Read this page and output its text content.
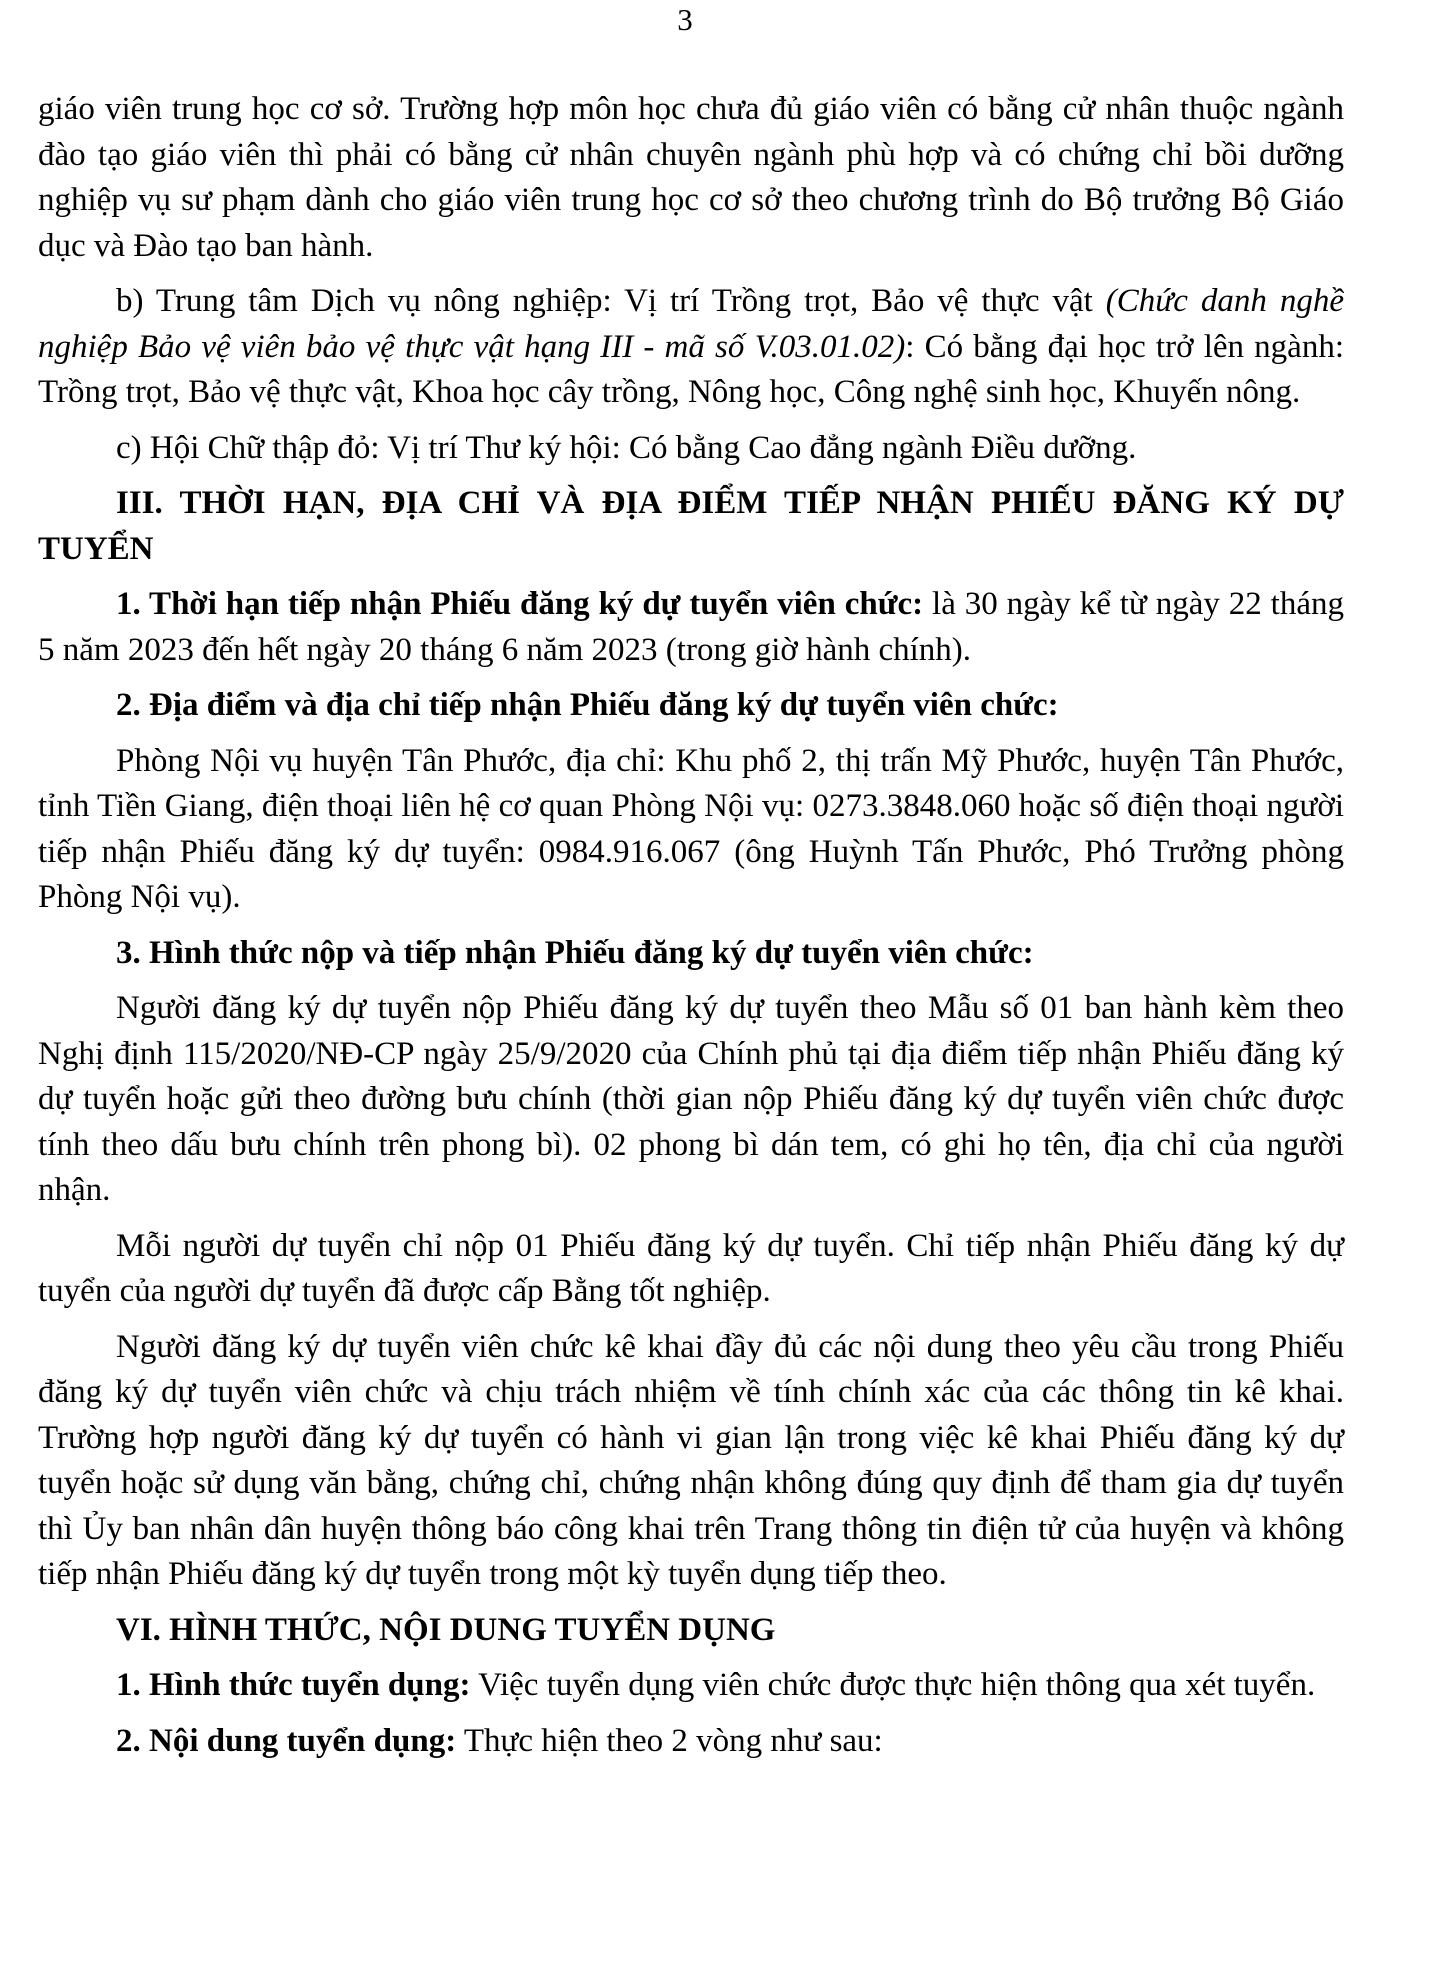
3

giáo viên trung học cơ sở. Trường hợp môn học chưa đủ giáo viên có bằng cử nhân thuộc ngành đào tạo giáo viên thì phải có bằng cử nhân chuyên ngành phù hợp và có chứng chỉ bồi dưỡng nghiệp vụ sư phạm dành cho giáo viên trung học cơ sở theo chương trình do Bộ trưởng Bộ Giáo dục và Đào tạo ban hành.

b) Trung tâm Dịch vụ nông nghiệp: Vị trí Trồng trọt, Bảo vệ thực vật (Chức danh nghề nghiệp Bảo vệ viên bảo vệ thực vật hạng III - mã số V.03.01.02): Có bằng đại học trở lên ngành: Trồng trọt, Bảo vệ thực vật, Khoa học cây trồng, Nông học, Công nghệ sinh học, Khuyến nông.

c) Hội Chữ thập đỏ: Vị trí Thư ký hội: Có bằng Cao đẳng ngành Điều dưỡng.

III. THỜI HẠN, ĐỊA CHỈ VÀ ĐỊA ĐIỂM TIẾP NHẬN PHIẾU ĐĂNG KÝ DỰ TUYỂN

1. Thời hạn tiếp nhận Phiếu đăng ký dự tuyển viên chức: là 30 ngày kể từ ngày 22 tháng 5 năm 2023 đến hết ngày 20 tháng 6 năm 2023 (trong giờ hành chính).

2. Địa điểm và địa chỉ tiếp nhận Phiếu đăng ký dự tuyển viên chức:

Phòng Nội vụ huyện Tân Phước, địa chỉ: Khu phố 2, thị trấn Mỹ Phước, huyện Tân Phước, tỉnh Tiền Giang, điện thoại liên hệ cơ quan Phòng Nội vụ: 0273.3848.060 hoặc số điện thoại người tiếp nhận Phiếu đăng ký dự tuyển: 0984.916.067 (ông Huỳnh Tấn Phước, Phó Trưởng phòng Phòng Nội vụ).

3. Hình thức nộp và tiếp nhận Phiếu đăng ký dự tuyển viên chức:

Người đăng ký dự tuyển nộp Phiếu đăng ký dự tuyển theo Mẫu số 01 ban hành kèm theo Nghị định 115/2020/NĐ-CP ngày 25/9/2020 của Chính phủ tại địa điểm tiếp nhận Phiếu đăng ký dự tuyển hoặc gửi theo đường bưu chính (thời gian nộp Phiếu đăng ký dự tuyển viên chức được tính theo dấu bưu chính trên phong bì). 02 phong bì dán tem, có ghi họ tên, địa chỉ của người nhận.

Mỗi người dự tuyển chỉ nộp 01 Phiếu đăng ký dự tuyển. Chỉ tiếp nhận Phiếu đăng ký dự tuyển của người dự tuyển đã được cấp Bằng tốt nghiệp.

Người đăng ký dự tuyển viên chức kê khai đầy đủ các nội dung theo yêu cầu trong Phiếu đăng ký dự tuyển viên chức và chịu trách nhiệm về tính chính xác của các thông tin kê khai. Trường hợp người đăng ký dự tuyển có hành vi gian lận trong việc kê khai Phiếu đăng ký dự tuyển hoặc sử dụng văn bằng, chứng chỉ, chứng nhận không đúng quy định để tham gia dự tuyển thì Ủy ban nhân dân huyện thông báo công khai trên Trang thông tin điện tử của huyện và không tiếp nhận Phiếu đăng ký dự tuyển trong một kỳ tuyển dụng tiếp theo.

VI. HÌNH THỨC, NỘI DUNG TUYỂN DỤNG

1. Hình thức tuyển dụng: Việc tuyển dụng viên chức được thực hiện thông qua xét tuyển.

2. Nội dung tuyển dụng: Thực hiện theo 2 vòng như sau:
